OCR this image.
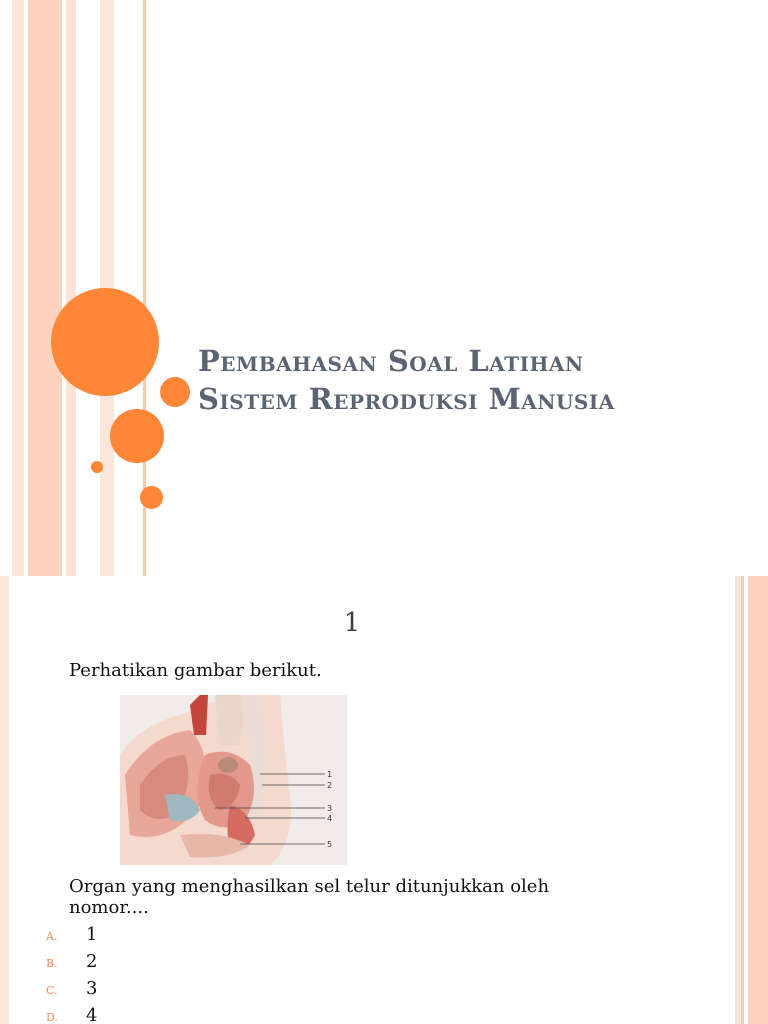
Pembahasan Soal Latihan
Sistem Reproduksi Manusia

1

Perhatikan gambar berikut.

1
2
3
4
5

Organ yang menghasilkan sel telur ditunjukkan oleh nomor....

A. 1
B. 2
C. 3
D. 4
